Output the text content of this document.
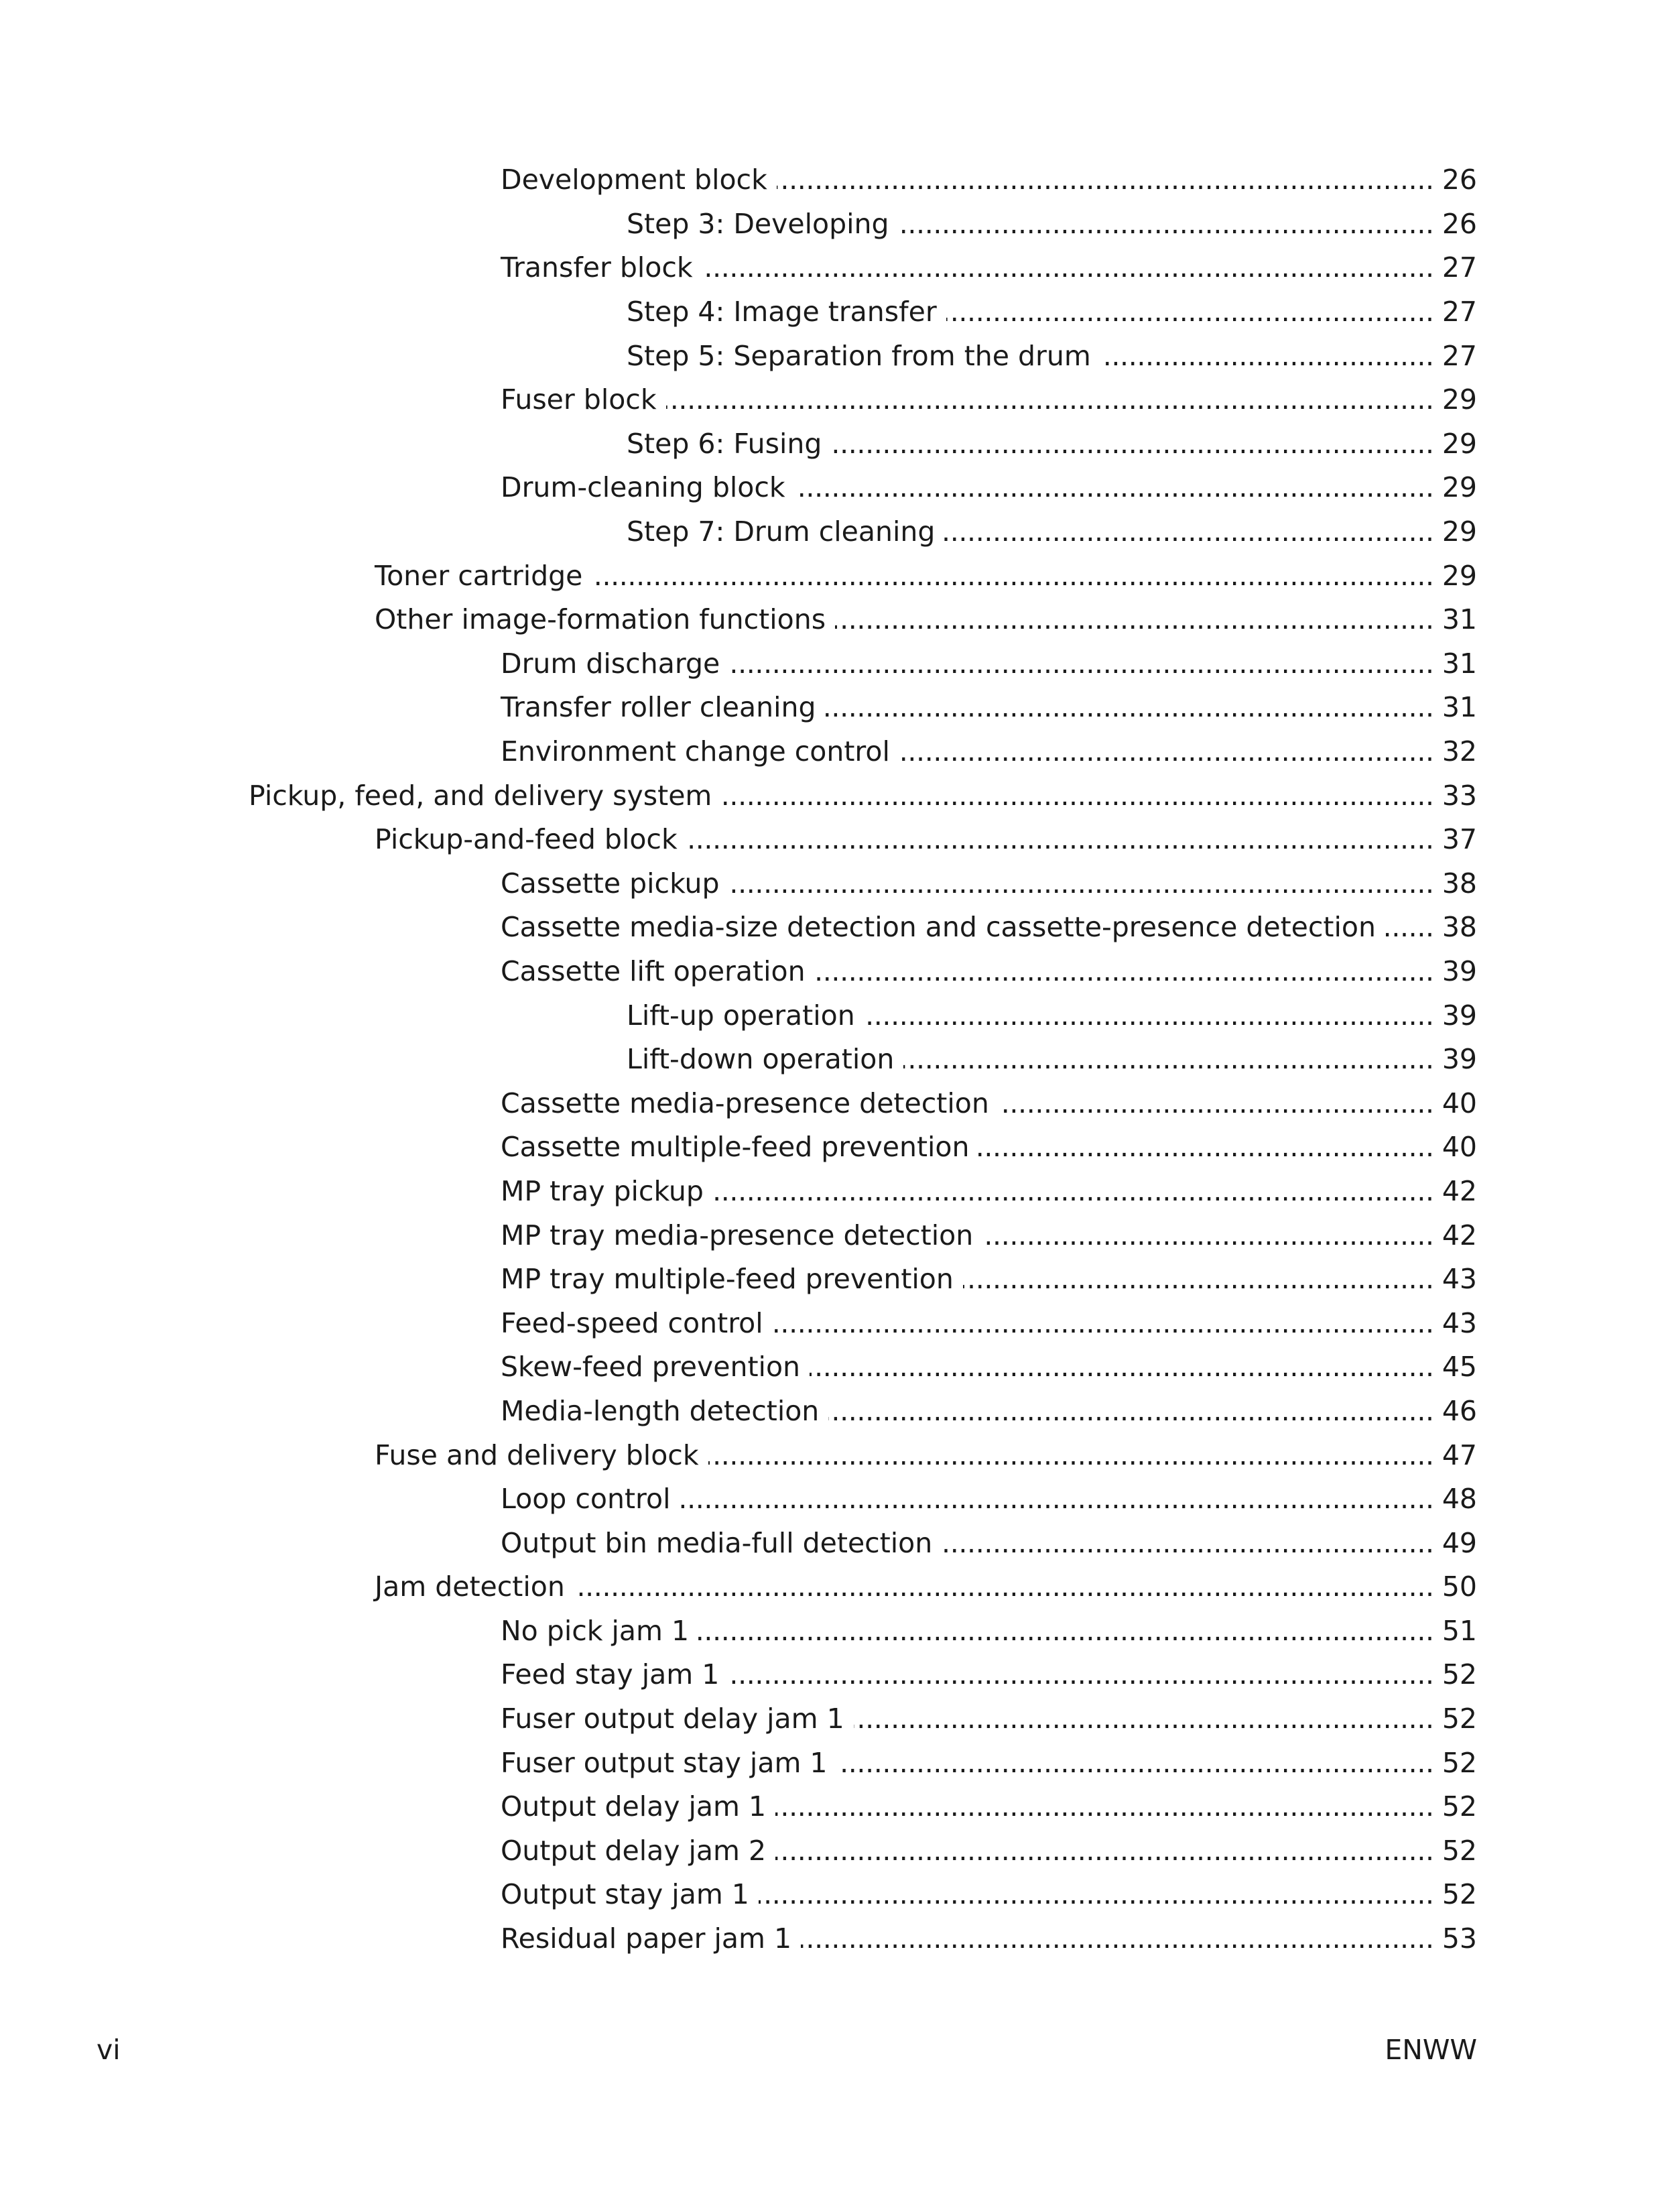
Development block . . .	26
Step 3: Developing . . .	26
Transfer block . . .	27
Step 4: Image transfer . . .	27
Step 5: Separation from the drum . . .	27
Fuser block . . .	29
Step 6: Fusing . . .	29
Drum-cleaning block . . .	29
Step 7: Drum cleaning . . .	29
Toner cartridge . . .	29
Other image-formation functions . . .	31
Drum discharge . . .	31
Transfer roller cleaning . . .	31
Environment change control . . .	32
Pickup, feed, and delivery system . . .	33
Pickup-and-feed block . . .	37
Cassette pickup . . .	38
Cassette media-size detection and cassette-presence detection . . .	38
Cassette lift operation . . .	39
Lift-up operation . . .	39
Lift-down operation . . .	39
Cassette media-presence detection . . .	40
Cassette multiple-feed prevention . . .	40
MP tray pickup . . .	42
MP tray media-presence detection . . .	42
MP tray multiple-feed prevention . . .	43
Feed-speed control . . .	43
Skew-feed prevention . . .	45
Media-length detection . . .	46
Fuse and delivery block . . .	47
Loop control . . .	48
Output bin media-full detection . . .	49
Jam detection . . .	50
No pick jam 1 . . .	51
Feed stay jam 1 . . .	52
Fuser output delay jam 1 . . .	52
Fuser output stay jam 1 . . .	52
Output delay jam 1 . . .	52
Output delay jam 2 . . .	52
Output stay jam 1 . . .	52
Residual paper jam 1 . . .	53
vi	ENWW
